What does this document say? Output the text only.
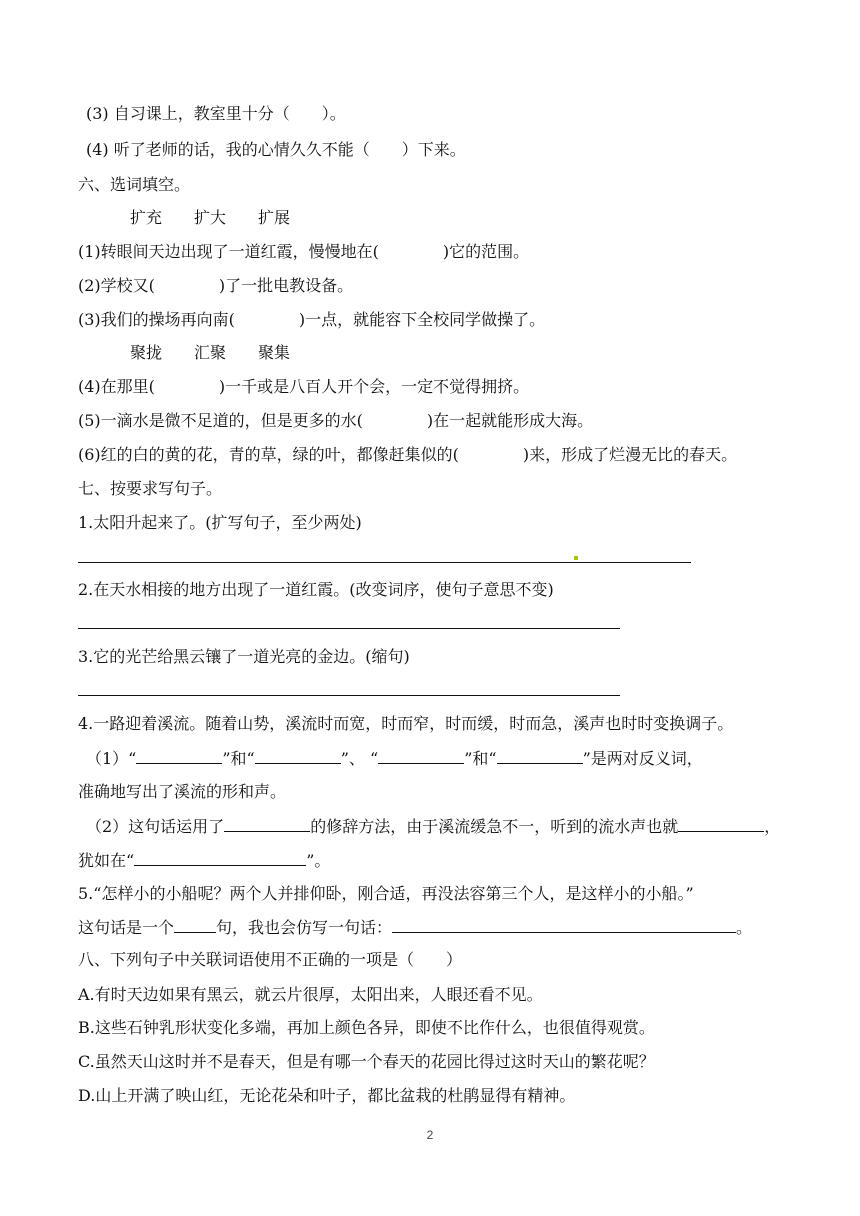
(3) 自习课上，教室里十分（　　）。
(4) 听了老师的话，我的心情久久不能（　　）下来。
六、选词填空。
扩充　　扩大　　扩展
(1)转眼间天边出现了一道红霞，慢慢地在(　　　　)它的范围。
(2)学校又(　　　　)了一批电教设备。
(3)我们的操场再向南(　　　　)一点，就能容下全校同学做操了。
聚拢　　汇聚　　聚集
(4)在那里(　　　　)一千或是八百人开个会，一定不觉得拥挤。
(5)一滴水是微不足道的，但是更多的水(　　　　)在一起就能形成大海。
(6)红的白的黄的花，青的草，绿的叶，都像赶集似的(　　　　)来，形成了烂漫无比的春天。
七、按要求写句子。
1.太阳升起来了。(扩写句子，至少两处)
2.在天水相接的地方出现了一道红霞。(改变词序，使句子意思不变)
3.它的光芒给黑云镶了一道光亮的金边。(缩句)
4.一路迎着溪流。随着山势，溪流时而宽，时而窄，时而缓，时而急，溪声也时时变换调子。
（1）“	”和“	”、 “	”和“	”是两对反义词，
准确地写出了溪流的形和声。
（2）这句话运用了	的修辞方法，由于溪流缓急不一，听到的流水声也就	，
犹如在“	”。
5.“怎样小的小船呢？两个人并排仰卧，刚合适，再没法容第三个人，是这样小的小船。”
这句话是一个	句，我也会仿写一句话：	。
八、下列句子中关联词语使用不正确的一项是（　　）
A.有时天边如果有黑云，就云片很厚，太阳出来，人眼还看不见。
B.这些石钟乳形状变化多端，再加上颜色各异，即使不比作什么，也很值得观赏。
C.虽然天山这时并不是春天，但是有哪一个春天的花园比得过这时天山的繁花呢？
D.山上开满了映山红，无论花朵和叶子，都比盆栽的杜鹃显得有精神。
2
